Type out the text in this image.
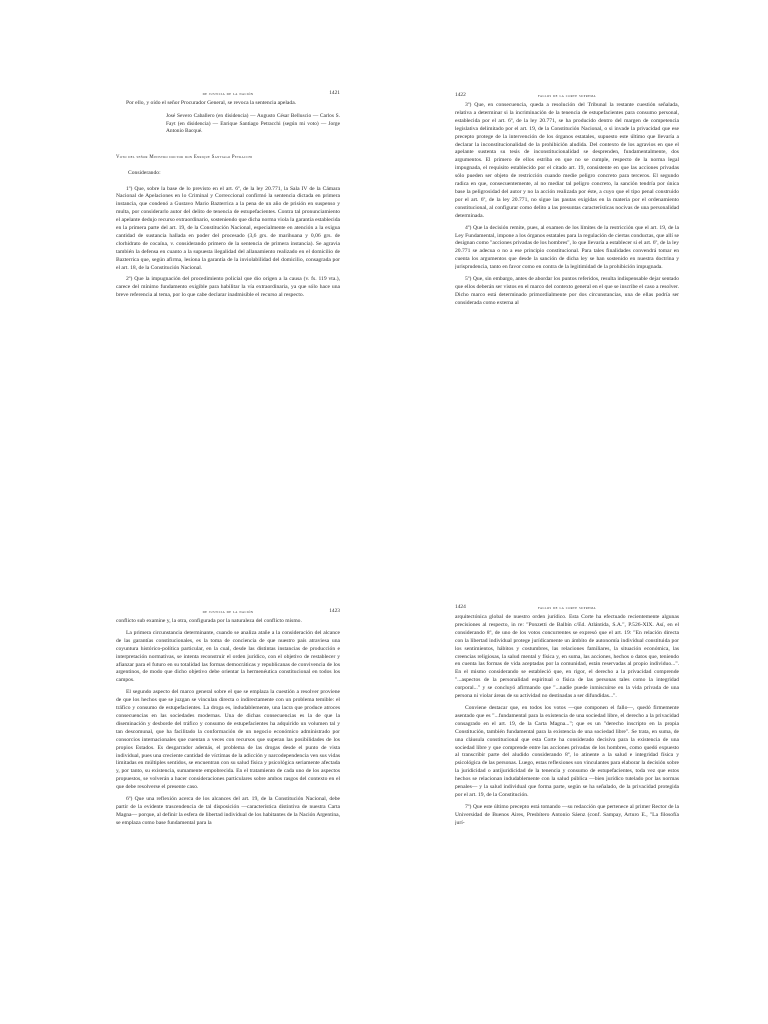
de justicia de la nación	1421

Por ello, y oído el señor Procurador General, se revoca la sentencia apelada.

José Severo Caballero (en disidencia) — Augusto César Belluscio — Carlos S. Fayt (en disidencia) — Enrique Santiago Petracchi (según mi voto) — Jorge Antonio Bacqué.

Voto del señor Ministro doctor don Enrique Santiago Petracchi

Considerando:

1º) Que, sobre la base de lo previsto en el art. 6º, de la ley 20.771, la Sala IV de la Cámara Nacional de Apelaciones en lo Criminal y Correccional confirmó la sentencia dictada en primera instancia, que condenó a Gustavo Mario Bazterrica a la pena de un año de prisión en suspenso y multa, por considerarlo autor del delito de tenencia de estupefacientes. Contra tal pronunciamiento el apelante dedujo recurso extraordinario, sosteniendo que dicha norma viola la garantía establecida en la primera parte del art. 19, de la Constitución Nacional, especialmente en atención a la exigua cantidad de sustancia hallada en poder del procesado (3,6 grs. de marihuana y 0,06 grs. de clorhidrato de cocaína, v. considerando primero de la sentencia de primera instancia). Se agravia también la defensa en cuanto a la supuesta ilegalidad del allanamiento realizado en el domicilio de Bazterrica que, según afirma, lesiona la garantía de la inviolabilidad del domicilio, consagrada por el art. 18, de la Constitución Nacional.

2º) Que la impugnación del procedimiento policial que dio origen a la causa (v. fs. 119 vta.), carece del mínimo fundamento exigible para habilitar la vía extraordinaria, ya que sólo hace una breve referencia al tema, por lo que cabe declarar inadmisible el recurso al respecto.

1422	fallos de la corte suprema

3º) Que, en consecuencia, queda a resolución del Tribunal la restante cuestión señalada, relativa a determinar si la incriminación de la tenencia de estupefacientes para consumo personal, establecida por el art. 6º, de la ley 20.771, se ha producido dentro del margen de competencia legislativa delimitado por el art. 19, de la Constitución Nacional, o si invade la privacidad que ese precepto protege de la intervención de los órganos estatales, supuesto este último que llevaría a declarar la inconstitucionalidad de la prohibición aludida. Del contexto de los agravios en que el apelante sustenta su tesis de inconstitucionalidad se desprenden, fundamentalmente, dos argumentos. El primero de ellos estriba en que no se cumple, respecto de la norma legal impugnada, el requisito establecido por el citado art. 19, consistente en que las acciones privadas sólo pueden ser objeto de restricción cuando medie peligro concreto para terceros. El segundo radica en que, consecuentemente, al no mediar tal peligro concreto, la sanción tendría por única base la peligrosidad del autor y no la acción realizada por éste, a cuyo que el tipo penal construido por el art. 6º, de la ley 20.771, no sigue las pautas exigidas en la materia por el ordenamiento constitucional, al configurar como delito a las presuntas características nocivas de una personalidad determinada.

4º) Que la decisión remite, pues, al examen de los límites de la restricción que el art. 19, de la Ley Fundamental, impone a los órganos estatales para la regulación de ciertas conductas, que allí se designan como "acciones privadas de los hombres", lo que llevaría a establecer si el art. 6º, de la ley 20.771 se adecua o no a ese principio constitucional. Para tales finalidades convendrá tomar en cuenta los argumentos que desde la sanción de dicha ley se han sostenido en nuestra doctrina y jurisprudencia, tanto en favor como en contra de la legitimidad de la prohibición impugnada.

5º) Que, sin embargo, antes de abordar los puntos referidos, resulta indispensable dejar sentado que ellos deberán ser vistos en el marco del contexto general en el que se inscribe el caso a resolver. Dicho marco está determinado primordialmente por dos circunstancias, una de ellas podría ser considerada como externa al

de justicia de la nación	1423

conflicto sub examine y, la otra, configurada por la naturaleza del conflicto mismo.

La primera circunstancia determinante, cuando se analiza atañe a la consideración del alcance de las garantías constitucionales, es la toma de conciencia de que nuestro país atraviesa una coyuntura histórico-política particular, en la cual, desde las distintas instancias de producción e interpretación normativas, se intenta reconstruir el orden jurídico, con el objetivo de restablecer y afianzar para el futuro en su totalidad las formas democráticas y republicanas de convivencia de los argentinos, de modo que dicho objetivo debe orientar la hermenéutica constitucional en todos los campos.

El segundo aspecto del marco general sobre el que se emplaza la cuestión a resolver proviene de que los hechos que se juzgan se vinculan directa o indirectamente con un problema temible: el tráfico y consumo de estupefacientes. La droga es, indudablemente, una lacra que produce atroces consecuencias en las sociedades modernas. Una de dichas consecuencias es la de que la diseminación y desborde del tráfico y consumo de estupefacientes ha adquirido un volumen tal y tan descomunal, que ha facilitado la conformación de un negocio económico administrado por consorcios internacionales que cuentan a veces con recursos que superan las posibilidades de los propios Estados. Es desgarrador además, el problema de las drogas desde el punto de vista individual, pues una creciente cantidad de víctimas de la adicción y narcodependencia ven sus vidas limitadas en múltiples sentidos, se encuentran con su salud física y psicológica seriamente afectada y, por tanto, su existencia, sumamente empobrecida. En el tratamiento de cada uno de los aspectos propuestos, se volverán a hacer consideraciones particulares sobre ambos rasgos del contexto en el que debe resolverse el presente caso.

6º) Que una reflexión acerca de los alcances del art. 19, de la Constitución Nacional, debe partir de la evidente trascendencia de tal disposición —característica distintiva de nuestra Carta Magna— porque, al definir la esfera de libertad individual de los habitantes de la Nación Argentina, se emplaza como base fundamental para la

1424	fallos de la corte suprema

arquitectónica global de nuestro orden jurídico. Esta Corte ha efectuado recientemente algunas precisiones al respecto, in re: "Ponzetti de Balbín c/Ed. Atlántida, S.A.", P.526-XIX. Así, en el considerando 8º, de uno de los votos concurrentes se expresó que el art. 19: "En relación directa con la libertad individual protege jurídicamente un ámbito de autonomía individual constituida por los sentimientos, hábitos y costumbres, las relaciones familiares, la situación económica, las creencias religiosas, la salud mental y física y, en suma, las acciones, hechos o datos que, teniendo en cuenta las formas de vida aceptadas por la comunidad, están reservadas al propio individuo...". En el mismo considerando se estableció que, en rigor, el derecho a la privacidad comprende "...aspectos de la personalidad espiritual o física de las personas tales como la integridad corporal..." y se concluyó afirmando que "...nadie puede inmiscuirse en la vida privada de una persona ni violar áreas de su actividad no destinadas a ser difundidas...".

Conviene destacar que, en todos los votos —que componen el fallo—, quedó firmemente asentado que es "...fundamental para la existencia de una sociedad libre, el derecho a la privacidad consagrado en el art. 19, de la Carta Magna..."; que es un "derecho inscripto en la propia Constitución, también fundamental para la existencia de una sociedad libre". Se trata, en suma, de una cláusula constitucional que esta Corte ha considerado decisiva para la existencia de una sociedad libre y que comprende entre las acciones privadas de los hombres, como quedó expuesto al transcribir parte del aludido considerando 8º, lo atinente a la salud e integridad física y psicológica de las personas. Luego, estas reflexiones son vinculantes para elaborar la decisión sobre la juridicidad o antijuridicidad de la tenencia y consumo de estupefacientes, toda vez que estos hechos se relacionan indudablemente con la salud pública —bien jurídico tutelado por las normas penales— y la salud individual que forma parte, según se ha señalado, de la privacidad protegida por el art. 19, de la Constitución.

7º) Que este último precepto está tomando —su redacción que pertenece al primer Rector de la Universidad de Buenos Aires, Presbítero Antonio Sáenz (conf. Sampay, Arturo E., "La filosofía jurí-
